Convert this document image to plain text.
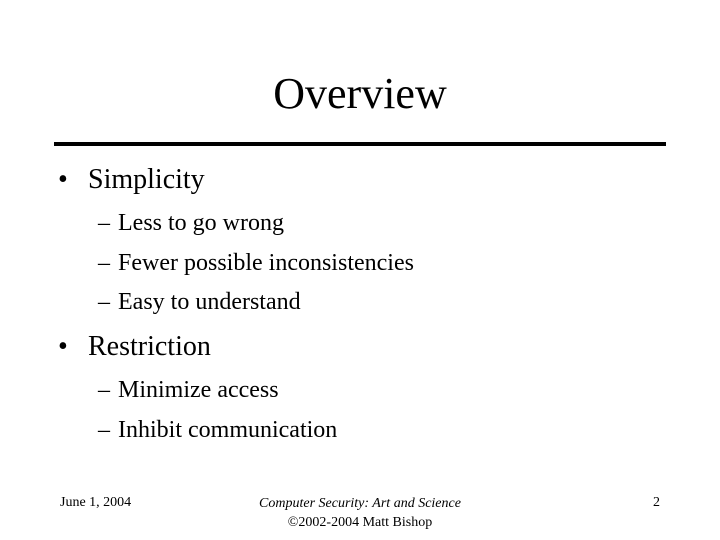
Overview
• Simplicity
– Less to go wrong
– Fewer possible inconsistencies
– Easy to understand
• Restriction
– Minimize access
– Inhibit communication
June 1, 2004	Computer Security: Art and Science
©2002-2004 Matt Bishop
2
